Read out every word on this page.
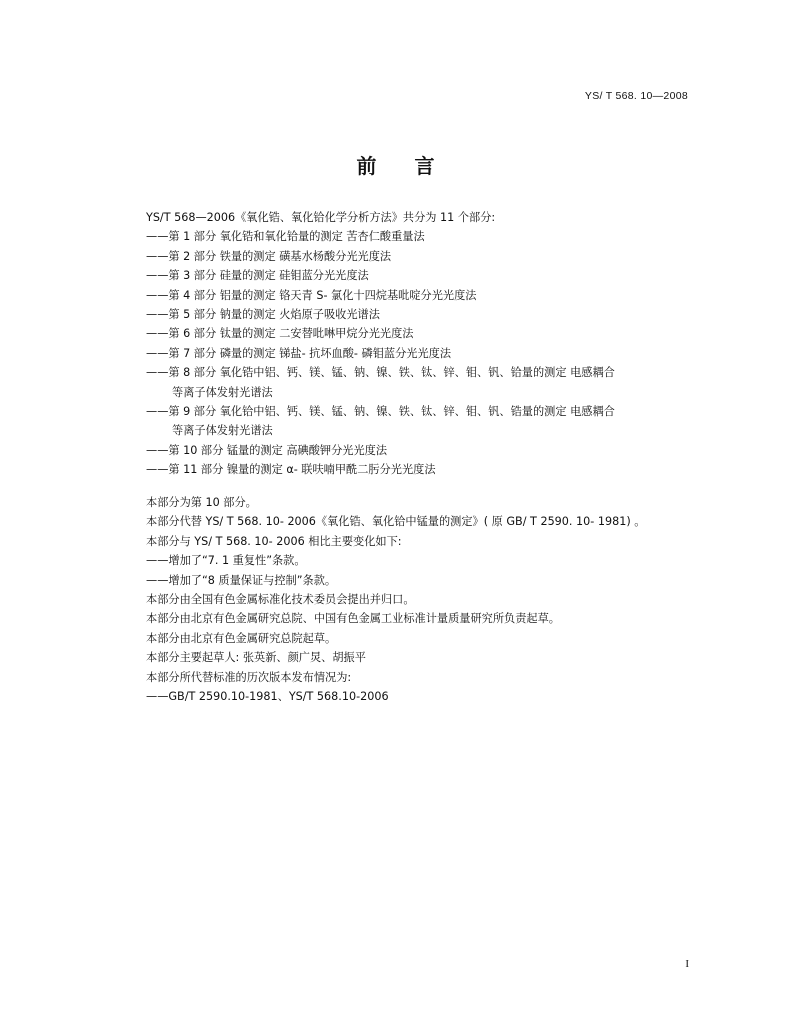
YS/ T 568. 10—2008
前 言
YS/T 568—2006《氧化锆、氧化铪化学分析方法》共分为 11 个部分:
——第 1 部分 氧化锆和氧化铪量的测定 苦杏仁酸重量法
——第 2 部分 铁量的测定 磺基水杨酸分光光度法
——第 3 部分 硅量的测定 硅钼蓝分光光度法
——第 4 部分 铝量的测定 铬天青 S- 氯化十四烷基吡啶分光光度法
——第 5 部分 钠量的测定 火焰原子吸收光谱法
——第 6 部分 钛量的测定 二安替吡啉甲烷分光光度法
——第 7 部分 磷量的测定 锑盐- 抗坏血酸- 磷钼蓝分光光度法
——第 8 部分 氧化锆中铝、钙、镁、锰、钠、镍、铁、钛、锌、钼、钒、铪量的测定 电感耦合
等离子体发射光谱法
——第 9 部分 氧化铪中铝、钙、镁、锰、钠、镍、铁、钛、锌、钼、钒、锆量的测定 电感耦合
等离子体发射光谱法
——第 10 部分 锰量的测定 高碘酸钾分光光度法
——第 11 部分 镍量的测定 α- 联呋喃甲酰二肟分光光度法
本部分为第 10 部分。
本部分代替 YS/ T 568. 10- 2006《氧化锆、氧化铪中锰量的测定》( 原 GB/ T 2590. 10- 1981) 。
本部分与 YS/ T 568. 10- 2006 相比主要变化如下:
——增加了“7. 1 重复性”条款。
——增加了“8 质量保证与控制”条款。
本部分由全国有色金属标准化技术委员会提出并归口。
本部分由北京有色金属研究总院、中国有色金属工业标准计量质量研究所负责起草。
本部分由北京有色金属研究总院起草。
本部分主要起草人: 张英新、颜广炅、胡振平
本部分所代替标准的历次版本发布情况为:
——GB/T 2590.10-1981、YS/T 568.10-2006
I
